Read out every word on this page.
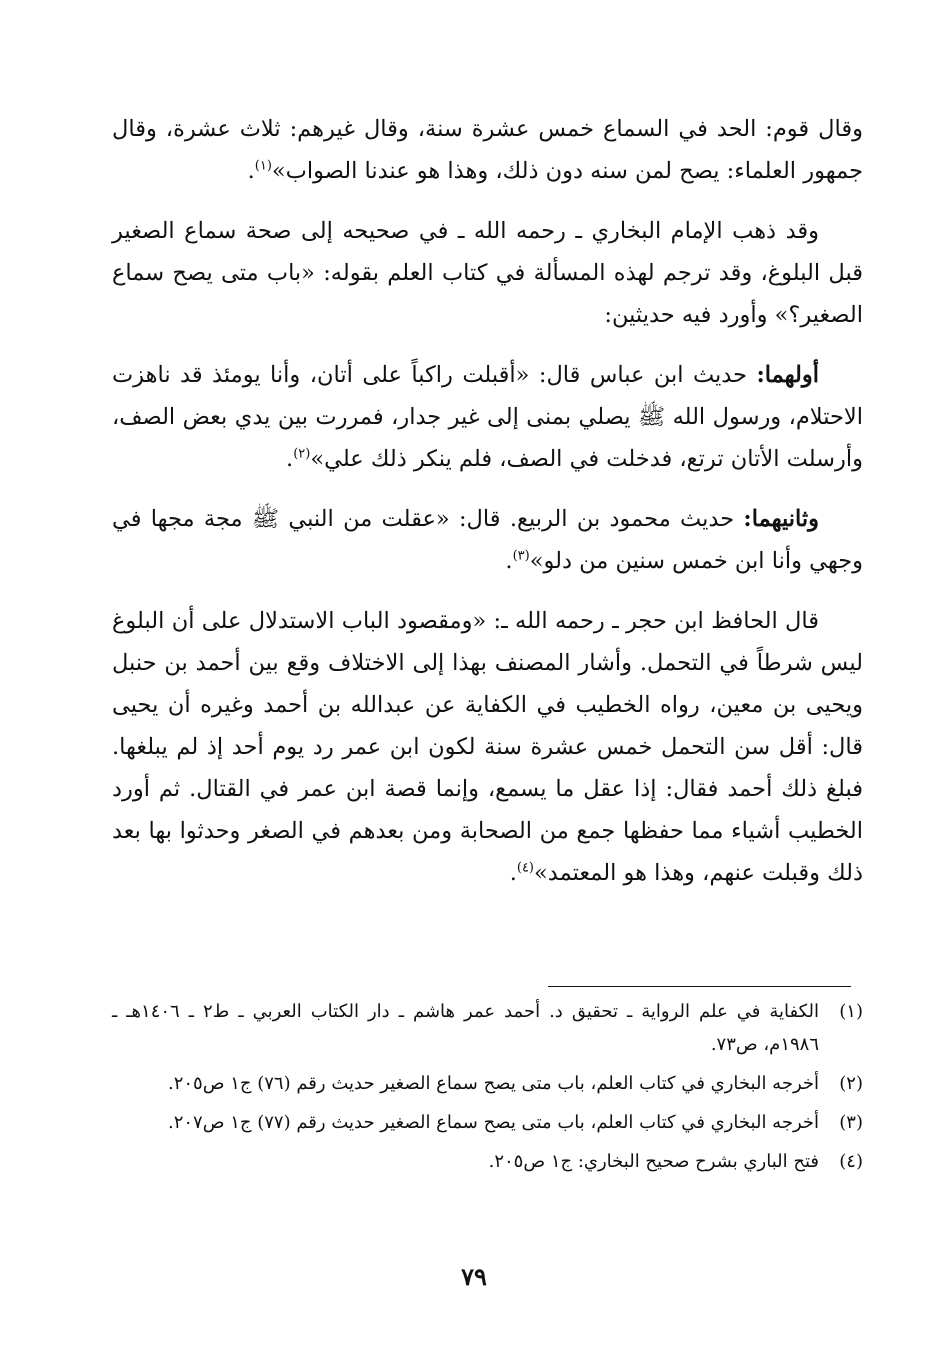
وقال قوم: الحد في السماع خمس عشرة سنة، وقال غيرهم: ثلاث عشرة، وقال جمهور العلماء: يصح لمن سنه دون ذلك، وهذا هو عندنا الصواب»$^{(١)}$.

وقد ذهب الإمام البخاري ـ رحمه الله ـ في صحيحه إلى صحة سماع الصغير قبل البلوغ، وقد ترجم لهذه المسألة في كتاب العلم بقوله: «باب متى يصح سماع الصغير؟» وأورد فيه حديثين:

أولهما: حديث ابن عباس قال: «أقبلت راكباً على أتان، وأنا يومئذ قد ناهزت الاحتلام، ورسول الله ﷺ يصلي بمنى إلى غير جدار، فمررت بين يدي بعض الصف، وأرسلت الأتان ترتع، فدخلت في الصف، فلم ينكر ذلك علي»$^{(٢)}$.

وثانيهما: حديث محمود بن الربيع. قال: «عقلت من النبي ﷺ مجة مجها في وجهي وأنا ابن خمس سنين من دلو»$^{(٣)}$.

قال الحافظ ابن حجر ـ رحمه الله ـ: «ومقصود الباب الاستدلال على أن البلوغ ليس شرطاً في التحمل. وأشار المصنف بهذا إلى الاختلاف وقع بين أحمد بن حنبل ويحيى بن معين، رواه الخطيب في الكفاية عن عبدالله بن أحمد وغيره أن يحيى قال: أقل سن التحمل خمس عشرة سنة لكون ابن عمر رد يوم أحد إذ لم يبلغها. فبلغ ذلك أحمد فقال: إذا عقل ما يسمع، وإنما قصة ابن عمر في القتال. ثم أورد الخطيب أشياء مما حفظها جمع من الصحابة ومن بعدهم في الصغر وحدثوا بها بعد ذلك وقبلت عنهم، وهذا هو المعتمد»$^{(٤)}$.

(١)
الكفاية في علم الرواية ـ تحقيق د. أحمد عمر هاشم ـ دار الكتاب العربي ـ ط٢ ـ ١٤٠٦هـ ـ ١٩٨٦م، ص٧٣.
(٢)
أخرجه البخاري في كتاب العلم، باب متى يصح سماع الصغير حديث رقم (٧٦) ج١ ص٢٠٥.
(٣)
أخرجه البخاري في كتاب العلم، باب متى يصح سماع الصغير حديث رقم (٧٧) ج١ ص٢٠٧.
(٤)
فتح الباري بشرح صحيح البخاري: ج١ ص٢٠٥.
٧٩
